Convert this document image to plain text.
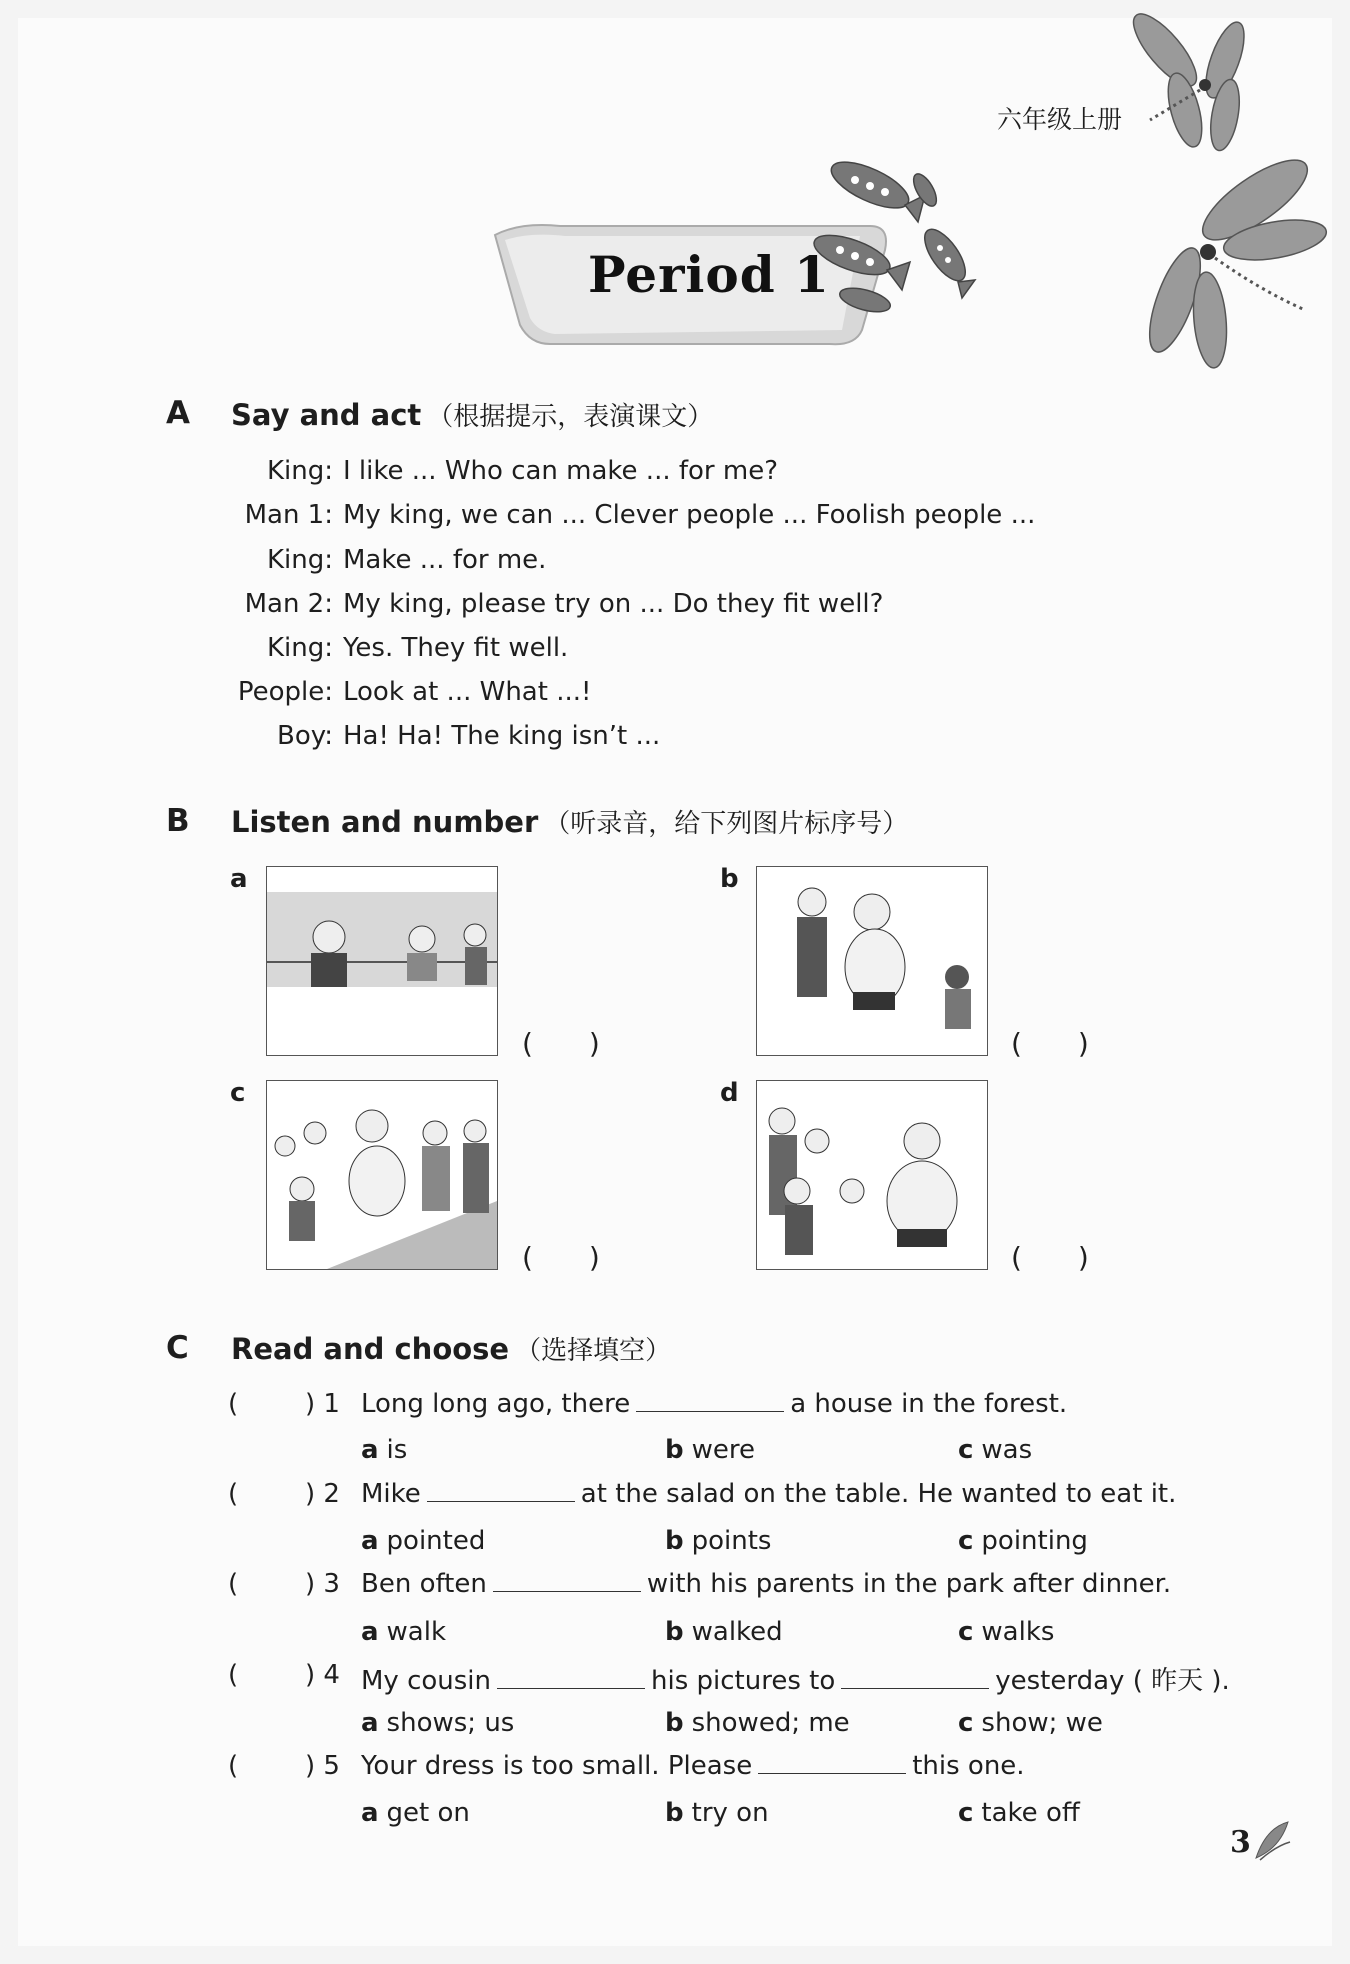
六年级上册
Period 1
A Say and act （根据提示，表演课文）
King: I like ... Who can make ... for me?
Man 1: My king, we can ... Clever people ... Foolish people ...
King: Make ... for me.
Man 2: My king, please try on ... Do they fit well?
King: Yes. They fit well.
People: Look at ... What ...!
Boy: Ha! Ha! The king isn’t ...
B Listen and number （听录音，给下列图片标序号）
a
(　　)
b
(　　)
c
(　　)
d
(　　)
C Read and choose （选择填空）
(	) 1 Long long ago, there	a house in the forest.
a is	b were	c was
(	) 2 Mike	at the salad on the table. He wanted to eat it.
a pointed	b points	c pointing
(	) 3 Ben often	with his parents in the park after dinner.
a walk	b walked	c walks
(	) 4 My cousin	his pictures to	yesterday ( 昨天 ).
a shows; us	b showed; me	c show; we
(	) 5 Your dress is too small. Please	this one.
a get on	b try on	c take off
3
